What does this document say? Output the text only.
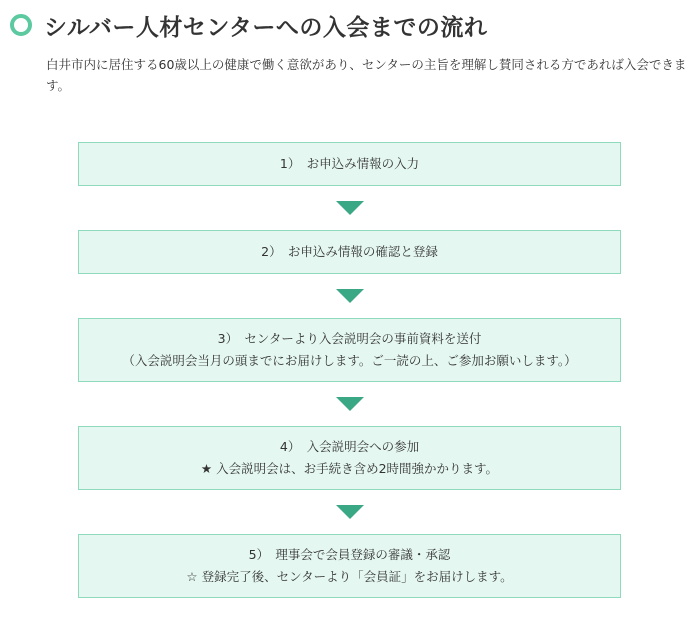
シルバー人材センターへの入会までの流れ

白井市内に居住する60歳以上の健康で働く意欲があり、センターの主旨を理解し賛同される方であれば入会できます。

1）　お申込み情報の入力
2）　お申込み情報の確認と登録
3）　センターより入会説明会の事前資料を送付
（入会説明会当月の頭までにお届けします。ご一読の上、ご参加お願いします。）
4）　入会説明会への参加
★ 入会説明会は、お手続き含め2時間強かかります。
5）　理事会で会員登録の審議・承認
☆ 登録完了後、センターより「会員証」をお届けします。
